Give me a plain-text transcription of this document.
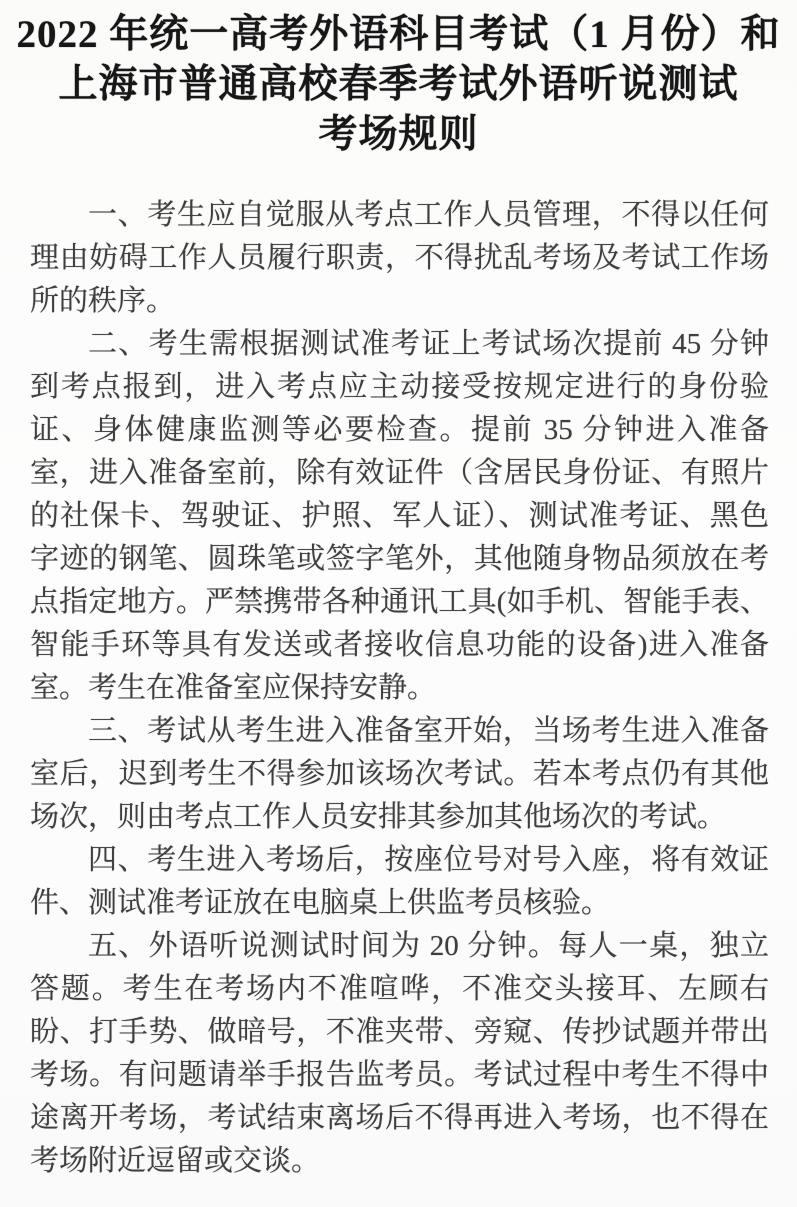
2022 年统一高考外语科目考试（1 月份）和
上海市普通高校春季考试外语听说测试
考场规则

一、考生应自觉服从考点工作人员管理，不得以任何理由妨碍工作人员履行职责，不得扰乱考场及考试工作场所的秩序。

二、考生需根据测试准考证上考试场次提前 45 分钟到考点报到，进入考点应主动接受按规定进行的身份验证、身体健康监测等必要检查。提前 35 分钟进入准备室，进入准备室前，除有效证件（含居民身份证、有照片的社保卡、驾驶证、护照、军人证）、测试准考证、黑色字迹的钢笔、圆珠笔或签字笔外，其他随身物品须放在考点指定地方。严禁携带各种通讯工具(如手机、智能手表、智能手环等具有发送或者接收信息功能的设备)进入准备室。考生在准备室应保持安静。

三、考试从考生进入准备室开始，当场考生进入准备室后，迟到考生不得参加该场次考试。若本考点仍有其他场次，则由考点工作人员安排其参加其他场次的考试。

四、考生进入考场后，按座位号对号入座，将有效证件、测试准考证放在电脑桌上供监考员核验。

五、外语听说测试时间为 20 分钟。每人一桌，独立答题。考生在考场内不准喧哗，不准交头接耳、左顾右盼、打手势、做暗号，不准夹带、旁窥、传抄试题并带出考场。有问题请举手报告监考员。考试过程中考生不得中途离开考场，考试结束离场后不得再进入考场，也不得在考场附近逗留或交谈。
